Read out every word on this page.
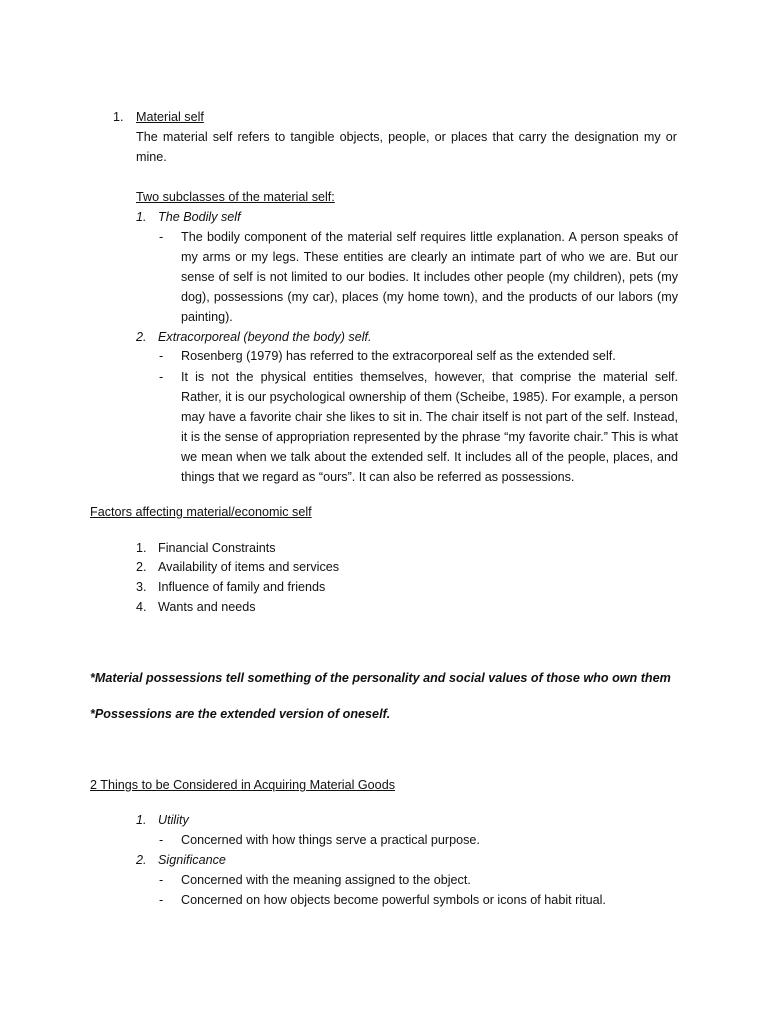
1. Material self
The material self refers to tangible objects, people, or places that carry the designation my or mine.
Two subclasses of the material self:
1. The Bodily self
- The bodily component of the material self requires little explanation. A person speaks of my arms or my legs. These entities are clearly an intimate part of who we are. But our sense of self is not limited to our bodies. It includes other people (my children), pets (my dog), possessions (my car), places (my home town), and the products of our labors (my painting).
2. Extracorporeal (beyond the body) self.
- Rosenberg (1979) has referred to the extracorporeal self as the extended self.
- It is not the physical entities themselves, however, that comprise the material self. Rather, it is our psychological ownership of them (Scheibe, 1985). For example, a person may have a favorite chair she likes to sit in. The chair itself is not part of the self. Instead, it is the sense of appropriation represented by the phrase “my favorite chair.” This is what we mean when we talk about the extended self. It includes all of the people, places, and things that we regard as “ours”. It can also be referred as possessions.
Factors affecting material/economic self
1. Financial Constraints
2. Availability of items and services
3. Influence of family and friends
4. Wants and needs
*Material possessions tell something of the personality and social values of those who own them
*Possessions are the extended version of oneself.
2 Things to be Considered in Acquiring Material Goods
1. Utility
- Concerned with how things serve a practical purpose.
2. Significance
- Concerned with the meaning assigned to the object.
- Concerned on how objects become powerful symbols or icons of habit ritual.
